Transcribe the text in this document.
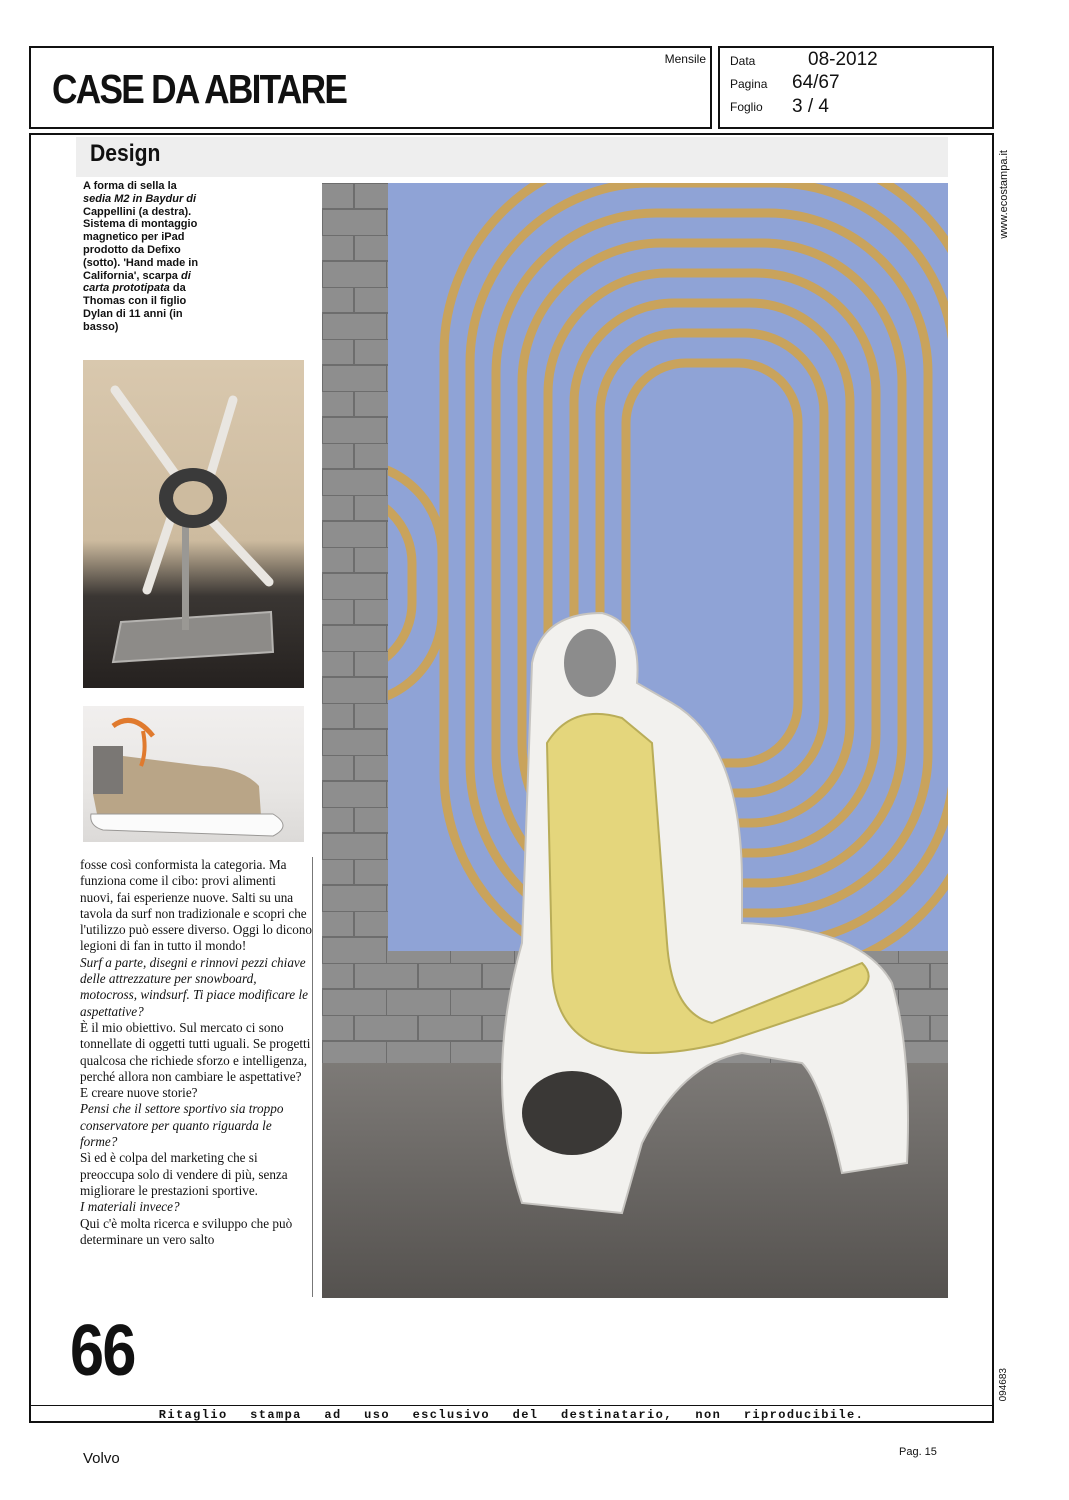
CASE DA ABITARE
Mensile Data	08-2012
Pagina 64/67
Foglio 3 / 4
Design
A forma di sella la sedia M2 in Baydur di Cappellini (a destra). Sistema di montaggio magnetico per iPad prodotto da Defixo (sotto). 'Hand made in California', scarpa di carta prototipata da Thomas con il figlio Dylan di 11 anni (in basso)

fosse così conformista la categoria. Ma funziona come il cibo: provi alimenti nuovi, fai esperienze nuove. Salti su una tavola da surf non tradizionale e scopri che l'utilizzo può essere diverso. Oggi lo dicono legioni di fan in tutto il mondo!

Surf a parte, disegni e rinnovi pezzi chiave delle attrezzature per snowboard, motocross, windsurf. Ti piace modificare le aspettative?

È il mio obiettivo. Sul mercato ci sono tonnellate di oggetti tutti uguali. Se progetti qualcosa che richiede sforzo e intelligenza, perché allora non cambiare le aspettative? E creare nuove storie?

Pensi che il settore sportivo sia troppo conservatore per quanto riguarda le forme?

Sì ed è colpa del marketing che si preoccupa solo di vendere di più, senza migliorare le prestazioni sportive.

I materiali invece?

Qui c'è molta ricerca e sviluppo che può determinare un vero salto

66
www.ecostampa.it
094683
Ritaglio stampa ad uso esclusivo del destinatario, non riproducibile.
Volvo	Pag. 15
